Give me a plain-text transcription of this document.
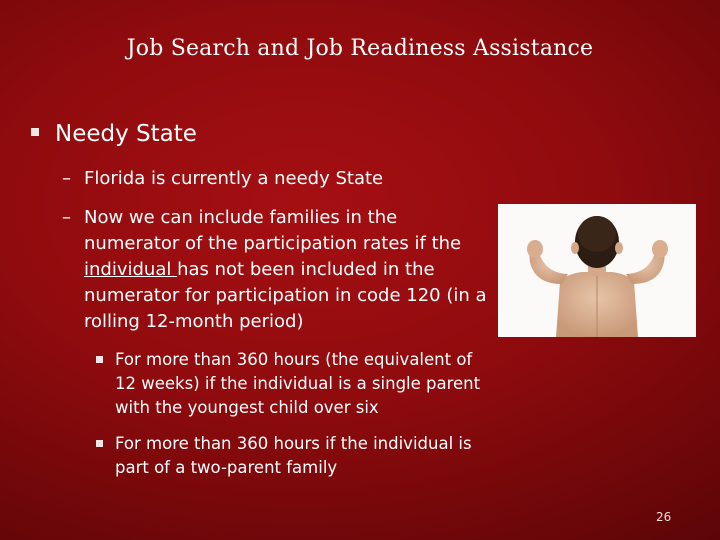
Job Search and Job Readiness Assistance
Needy State
– Florida is currently a needy State
– Now we can include families in the numerator of the participation rates if the individual has not been included in the numerator for participation in code 120 (in a rolling 12-month period)
For more than 360 hours (the equivalent of 12 weeks) if the individual is a single parent with the youngest child over six
For more than 360 hours if the individual is part of a two-parent family
26
